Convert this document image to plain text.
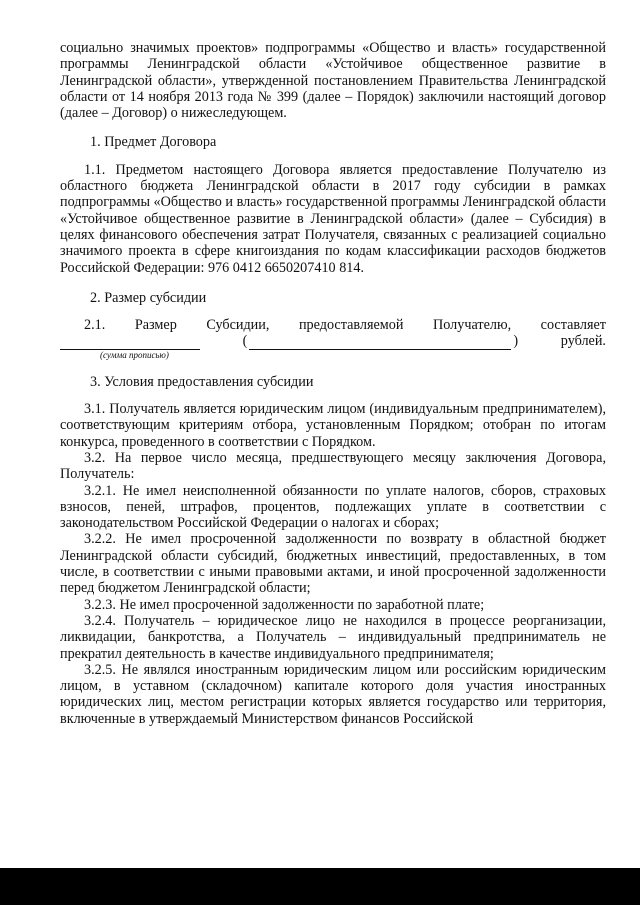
социально значимых проектов» подпрограммы «Общество и власть» государственной программы Ленинградской области «Устойчивое общественное развитие в Ленинградской области», утвержденной постановлением Правительства Ленинградской области от 14 ноября 2013 года № 399 (далее – Порядок) заключили настоящий договор (далее – Договор) о нижеследующем.

1. Предмет Договора

1.1. Предметом настоящего Договора является предоставление Получателю из областного бюджета Ленинградской области в 2017 году субсидии в рамках подпрограммы «Общество и власть» государственной программы Ленинградской области «Устойчивое общественное развитие в Ленинградской области» (далее – Субсидия) в целях финансового обеспечения затрат Получателя, связанных с реализацией социально значимого проекта в сфере книгоиздания по кодам классификации расходов бюджетов Российской Федерации: 976 0412 6650207410 814.

2. Размер субсидии

2.1. Размер Субсидии, предоставляемой Получателю, составляет

(	)	рублей.

(сумма прописью)

3. Условия предоставления субсидии

3.1. Получатель является юридическим лицом (индивидуальным предпринимателем), соответствующим критериям отбора, установленным Порядком; отобран по итогам конкурса, проведенного в соответствии с Порядком.

3.2. На первое число месяца, предшествующего месяцу заключения Договора, Получатель:

3.2.1. Не имел неисполненной обязанности по уплате налогов, сборов, страховых взносов, пеней, штрафов, процентов, подлежащих уплате в соответствии с законодательством Российской Федерации о налогах и сборах;

3.2.2. Не имел просроченной задолженности по возврату в областной бюджет Ленинградской области субсидий, бюджетных инвестиций, предоставленных, в том числе, в соответствии с иными правовыми актами, и иной просроченной задолженности перед бюджетом Ленинградской области;

3.2.3. Не имел просроченной задолженности по заработной плате;

3.2.4. Получатель – юридическое лицо не находился в процессе реорганизации, ликвидации, банкротства, а Получатель – индивидуальный предприниматель не прекратил деятельность в качестве индивидуального предпринимателя;

3.2.5. Не являлся иностранным юридическим лицом или российским юридическим лицом, в уставном (складочном) капитале которого доля участия иностранных юридических лиц, местом регистрации которых является государство или территория, включенные в утверждаемый Министерством финансов Российской
